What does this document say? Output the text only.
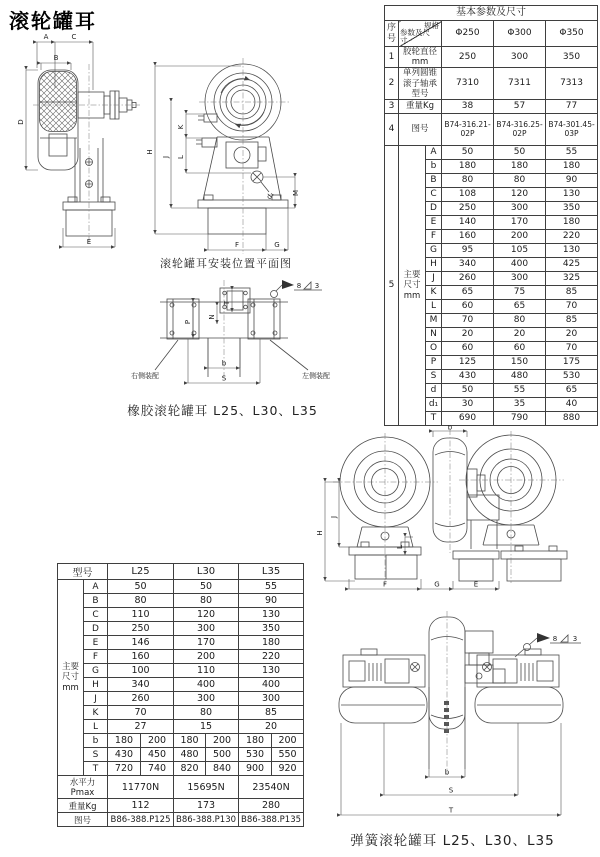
滚轮罐耳
A	C
B
D
E
H
J
K
L
M
d₁
F	G
滚轮罐耳安装位置平面图
T
N
P
b
S
右侧装配	左侧装配
8 3
橡胶滚轮罐耳 L25、L30、L35
基本参数及尺寸					
序号	规格
参数及尺寸		Φ250	Φ300	Φ350
1	胶轮直径mm		250	300	350
2	单列圆锥滚子轴承型号		7310	7311	7313
3	重量Kg		38	57	77
4	图号		B74-316.21-02P	B74-316.25-02P	B74-301.45-03P
5	主要尺寸mm	A	50	50	55
		b	180	180	180
		B	80	80	90
		C	108	120	130
		D	250	300	350
		E	140	170	180
		F	160	200	220
		G	95	105	130
		H	340	400	425
		J	260	300	325
		K	65	75	85
		L	60	65	70
		M	70	80	85
		N	20	20	20
		O	60	60	70
		P	125	150	175
		S	430	480	530
		d	50	55	65
		d₁	30	35	40
		T	690	790	880
型号		L25		L30		L35	
主要尺寸mm	A	50		50		55	
	B	80		80		90	
	C	110		120		130	
	D	250		300		350	
	E	146		170		180	
	F	160		200		220	
	G	100		110		130	
	H	340		400		400	
	J	260		300		300	
	K	70		80		85	
	L	27		15		20	
	b	180	200	180	200	180	200
	S	430	450	480	500	530	550
	T	720	740	820	840	900	920
水平力Pmax		11770N		15695N		23540N	
重量Kg		112		173		280	
图号		B86-388.P125		B86-388.P130		B86-388.P135	
b
H
J
L
F	G	E
b
S
T
8 3
弹簧滚轮罐耳 L25、L30、L35
